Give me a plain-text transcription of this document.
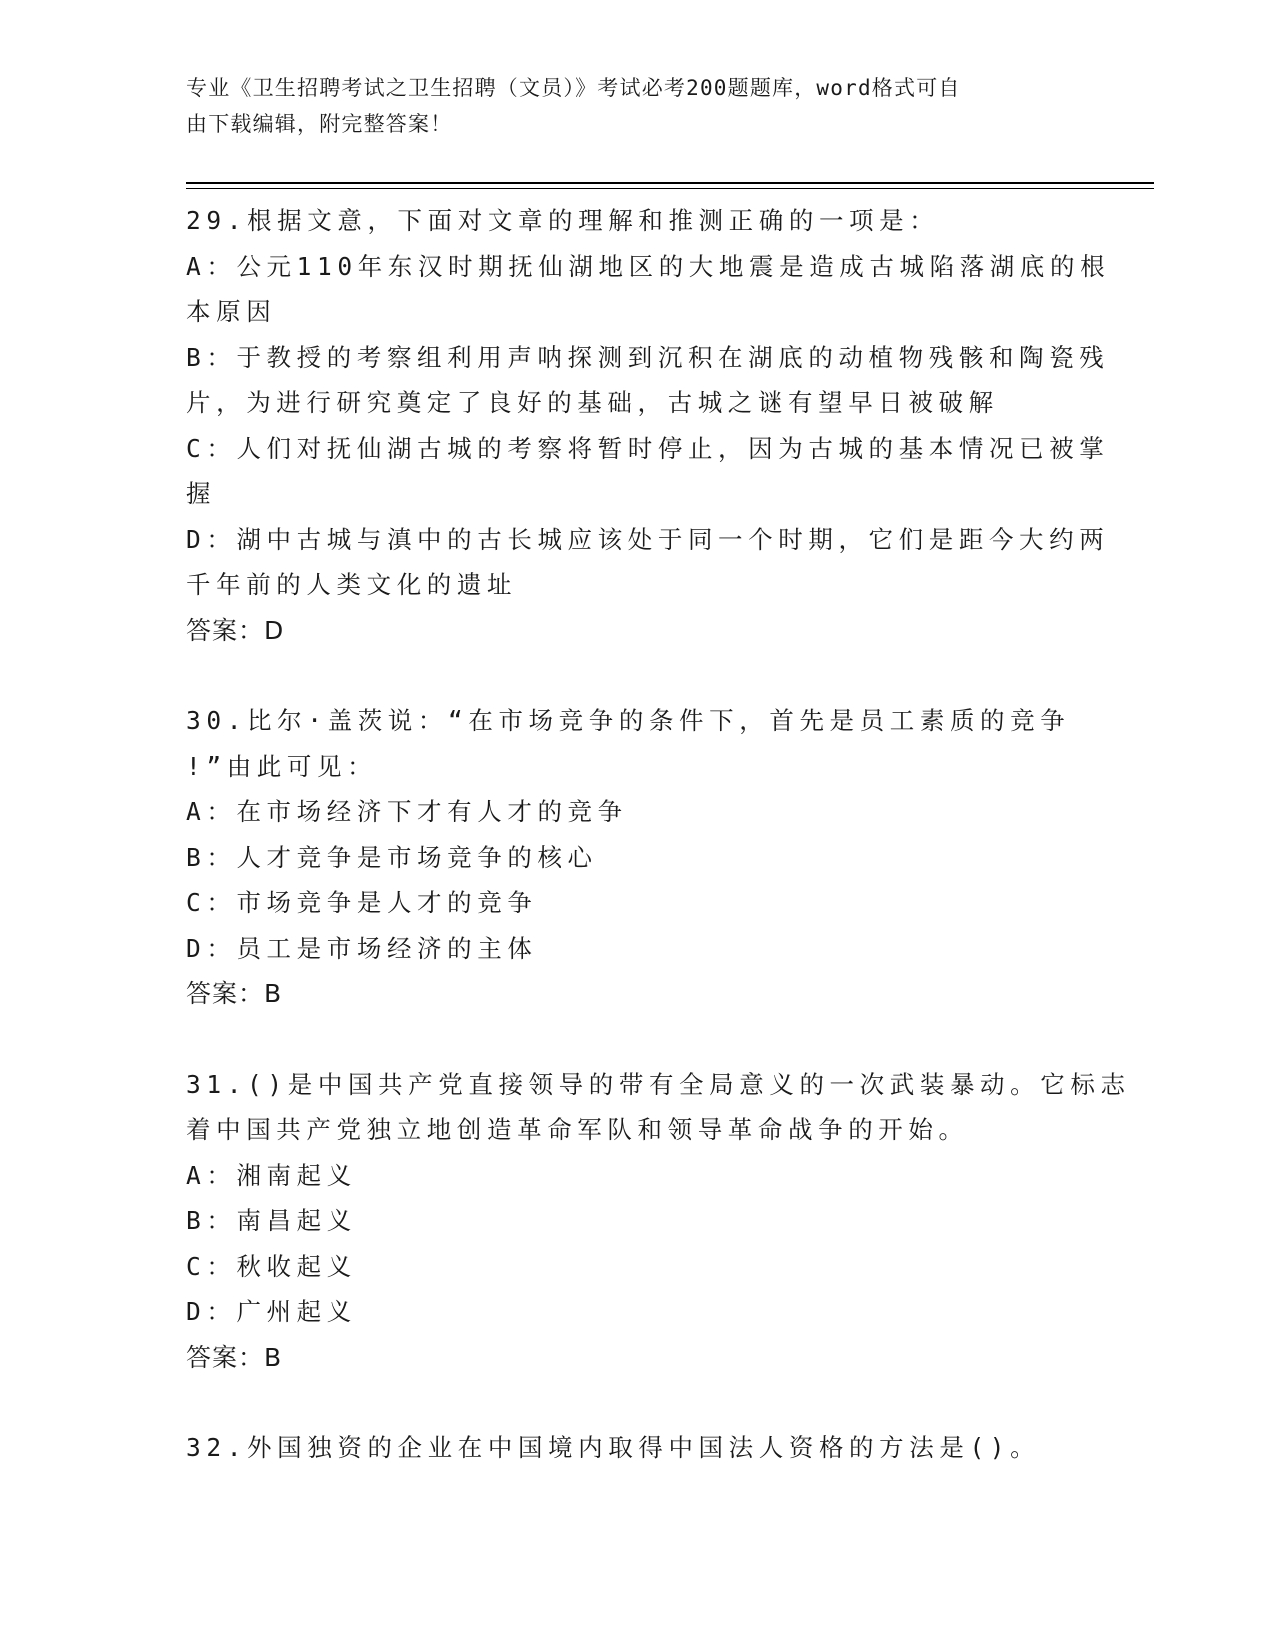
专业《卫生招聘考试之卫生招聘（文员）》考试必考200题题库，word格式可自
由下载编辑，附完整答案！
29.根据文意，下面对文章的理解和推测正确的一项是：
A：公元110年东汉时期抚仙湖地区的大地震是造成古城陷落湖底的根
本原因
B：于教授的考察组利用声呐探测到沉积在湖底的动植物残骸和陶瓷残
片，为进行研究奠定了良好的基础，古城之谜有望早日被破解
C：人们对抚仙湖古城的考察将暂时停止，因为古城的基本情况已被掌
握
D：湖中古城与滇中的古长城应该处于同一个时期，它们是距今大约两
千年前的人类文化的遗址
答案：D
30.比尔·盖茨说：“在市场竞争的条件下，首先是员工素质的竞争
!”由此可见：
A：在市场经济下才有人才的竞争
B：人才竞争是市场竞争的核心
C：市场竞争是人才的竞争
D：员工是市场经济的主体
答案：B
31.()是中国共产党直接领导的带有全局意义的一次武装暴动。它标志
着中国共产党独立地创造革命军队和领导革命战争的开始。
A：湘南起义
B：南昌起义
C：秋收起义
D：广州起义
答案：B
32.外国独资的企业在中国境内取得中国法人资格的方法是()。
